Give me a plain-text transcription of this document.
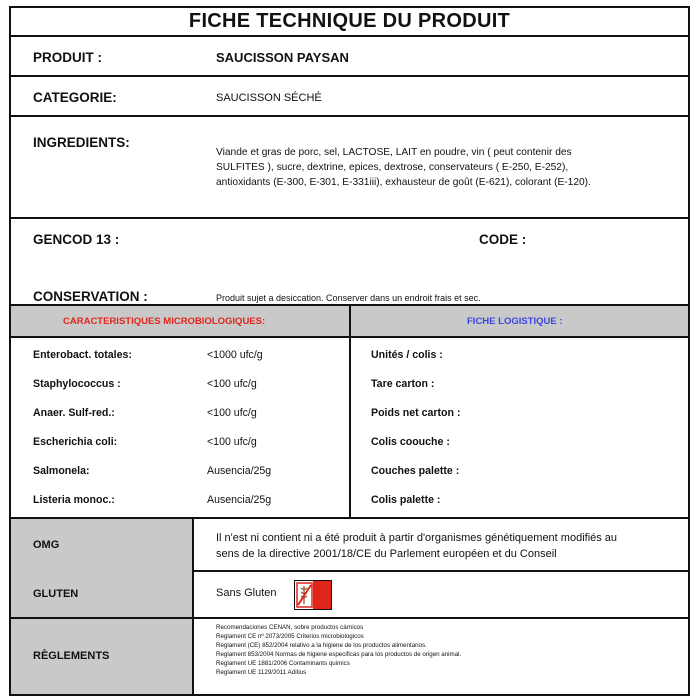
FICHE TECHNIQUE DU PRODUIT
PRODUIT :	SAUCISSON PAYSAN
CATEGORIE:	SAUCISSON SÉCHÉ
INGREDIENTS:
Viande et gras de porc, sel, LACTOSE, LAIT en poudre, vin ( peut contenir des
SULFITES ), sucre, dextrine, epices, dextrose, conservateurs ( E-250, E-252),
antioxidants (E-300, E-301, E-331iii), exhausteur de goût (E-621), colorant (E-120).
GENCOD 13 :	CODE :
CONSERVATION :	Produit sujet a desiccation. Conserver dans un endroit frais et sec.
CARACTERISTIQUES MICROBIOLOGIQUES:	FICHE LOGISTIQUE :
Enterobact. totales:	<1000 ufc/g
Staphylococcus :	<100 ufc/g
Anaer. Sulf-red.:	<100 ufc/g
Escherichia coli:	<100 ufc/g
Salmonela:	Ausencia/25g
Listeria monoc.:	Ausencia/25g
Unités / colis :
Tare carton :
Poids net carton :
Colis coouche :
Couches palette :
Colis palette :
OMG
Il n'est ni contient ni a été produit à partir d'organismes génétiquement modifiés au
sens de la directive 2001/18/CE du Parlement européen et du Conseil
GLUTEN	Sans Gluten
RÈGLEMENTS
Recomendaciones CENAN, sobre productos cárnicos
Reglament CE nº 2073/2005 Criterios microbiologicos
Reglament (CE) 852/2004 relativo a la higiene de los productos alimentarios.
Reglament 853/2004 Normas de higiene especificas para los productos de origen animal.
Reglament UE 1881/2006 Contaminants quimics
Reglament UE 1129/2011 Aditius
